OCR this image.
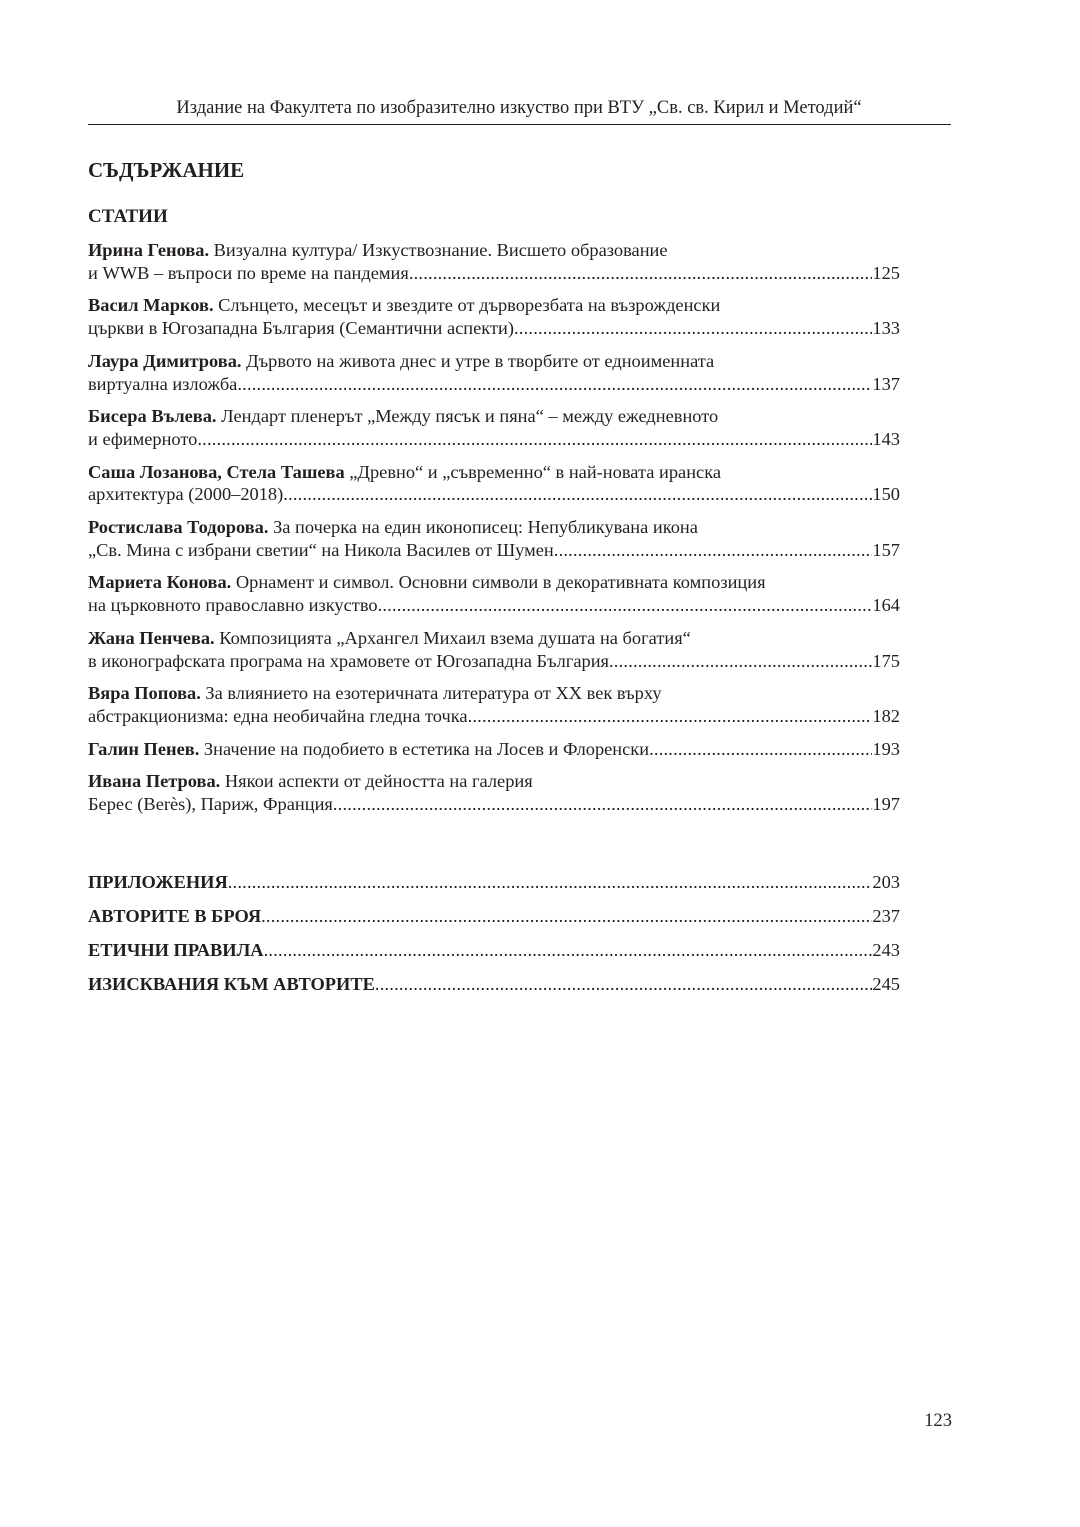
Издание на Факултета по изобразително изкуство при ВТУ „Св. св. Кирил и Методий“
СЪДЪРЖАНИЕ
СТАТИИ
Ирина Генова. Визуална култура/ Изкуствознание. Висшето образование
и WWB – въпроси по време на пандемия .....	125
Васил Марков. Слънцето, месецът и звездите от дърворезбата на възрожденски
църкви в Югозападна България (Семантични аспекти) .....	133
Лаура Димитрова. Дървото на живота днес и утре в творбите от едноименната
виртуална изложба .....	137
Бисера Вълева. Лендарт пленерът „Между пясък и пяна“ – между ежедневното
и ефимерното .....	143
Саша Лозанова, Стела Ташева „Древно“ и „съвременно“ в най-новата иранска
архитектура (2000–2018) .....	150
Ростислава Тодорова. За почерка на един иконописец: Непубликувана икона
„Св. Мина с избрани светии“ на Никола Василев от Шумен .....	157
Мариета Конова. Орнамент и символ. Основни символи в декоративната композиция
на църковното православно изкуство .....	164
Жана Пенчева. Композицията „Архангел Михаил взема душата на богатия“
в иконографската програма на храмовете от Югозападна България .....	175
Вяра Попова. За влиянието на езотеричната литература от XX век върху
абстракционизма: една необичайна гледна точка .....	182
Галин Пенев. Значение на подобието в естетика на Лосев и Флоренски .....	193
Ивана Петрова. Някои аспекти от дейността на галерия
Берес (Berès), Париж, Франция .....	197
ПРИЛОЖЕНИЯ .....	203
АВТОРИТЕ В БРОЯ .....	237
ЕТИЧНИ ПРАВИЛА .....	243
ИЗИСКВАНИЯ КЪМ АВТОРИТЕ .....	245
123
